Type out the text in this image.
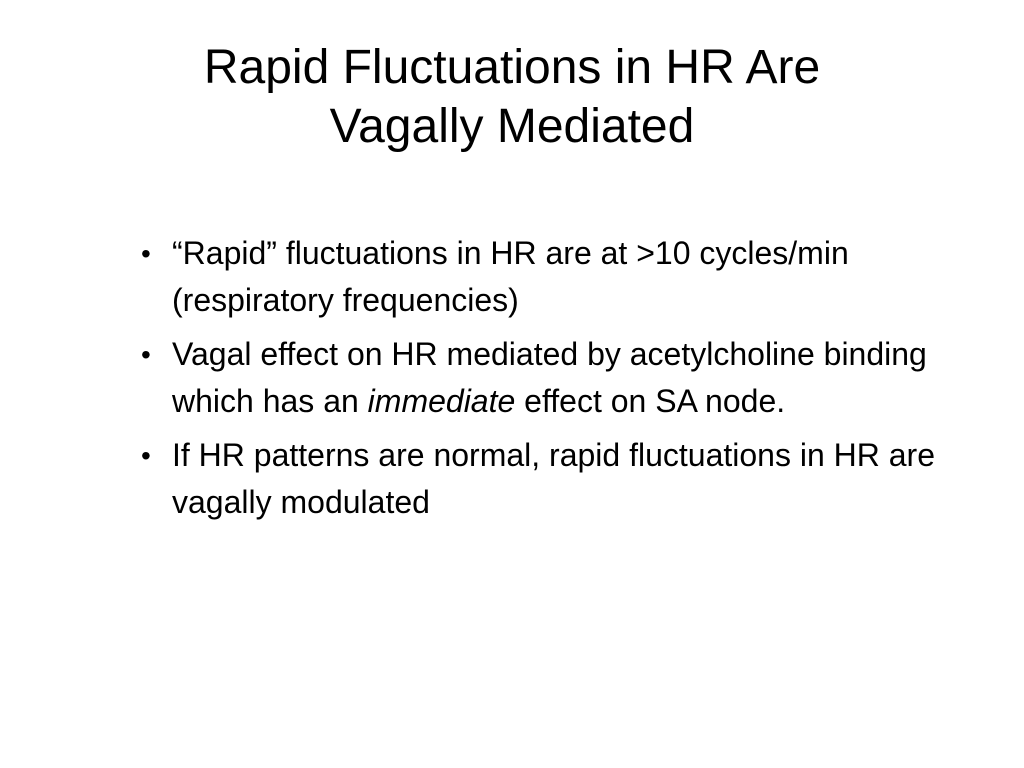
Rapid Fluctuations in HR Are
Vagally Mediated
• “Rapid” fluctuations in HR are at >10 cycles/min (respiratory frequencies)
• Vagal effect on HR mediated by acetylcholine binding which has an immediate effect on SA node.
• If HR patterns are normal, rapid fluctuations in HR are vagally modulated
